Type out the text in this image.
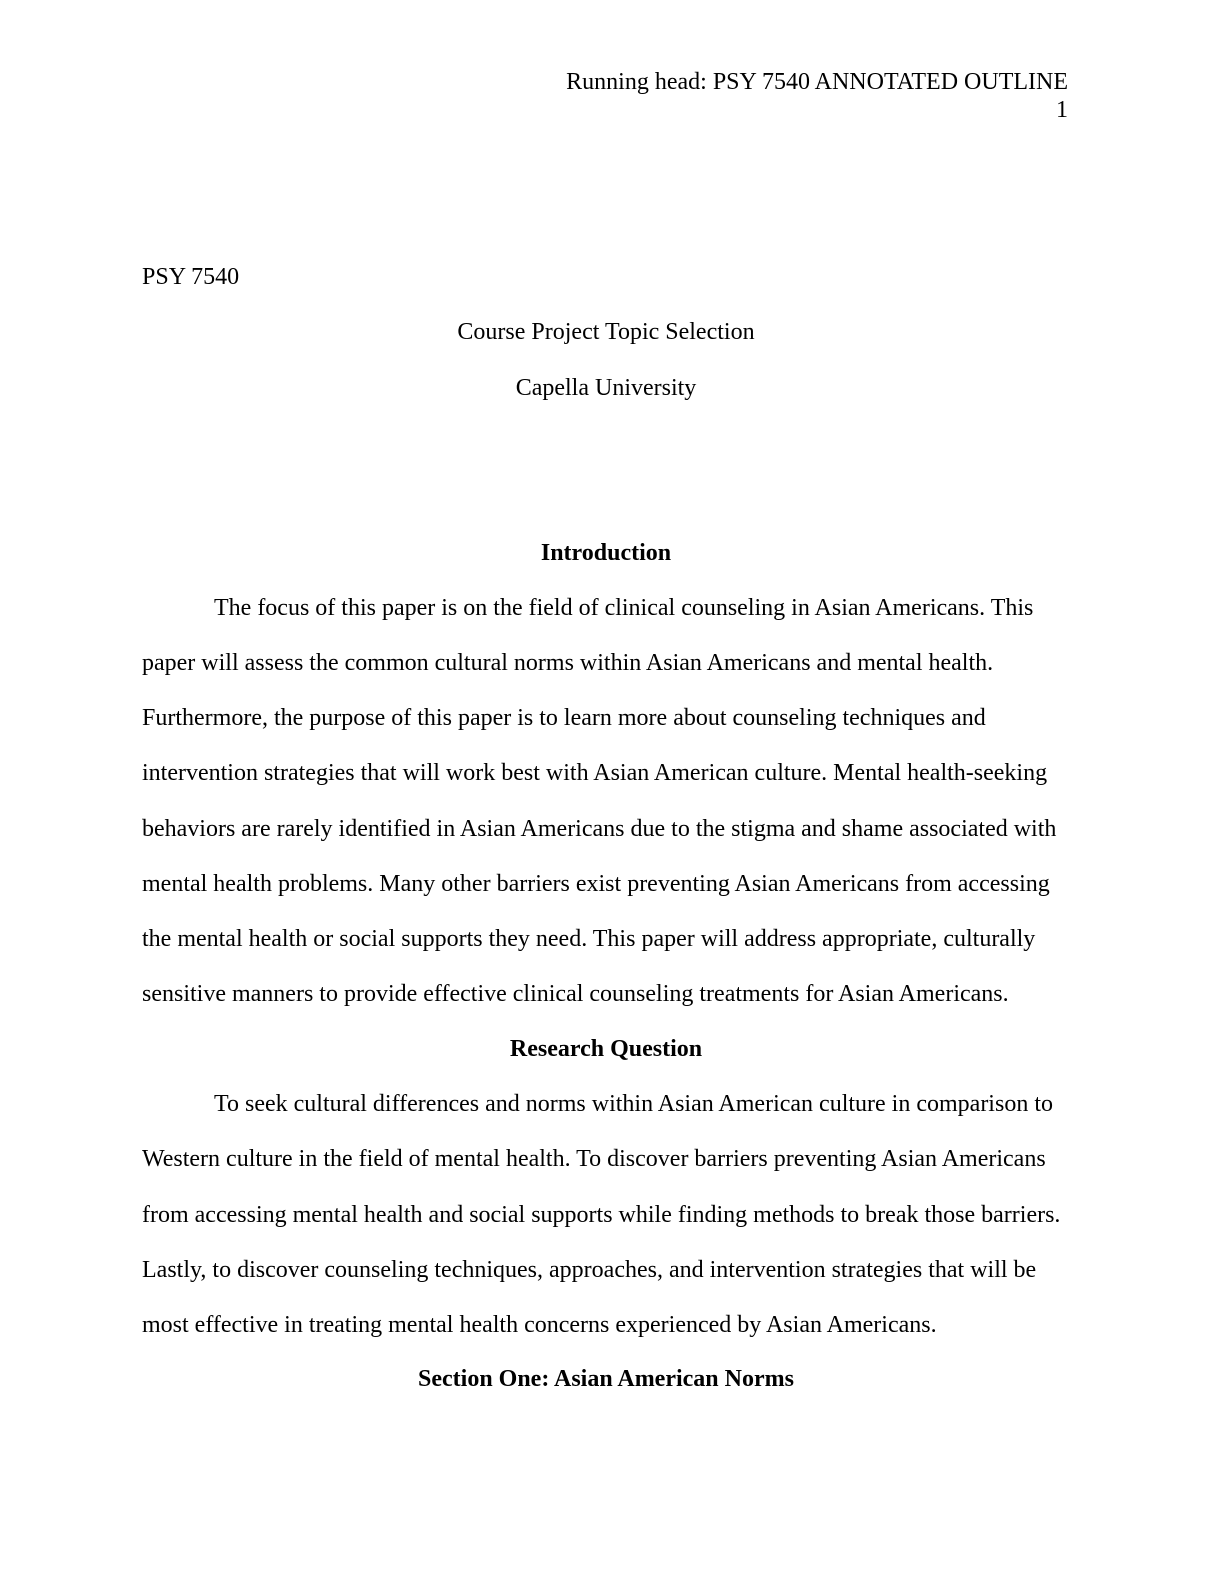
Running head: PSY 7540 ANNOTATED OUTLINE
1
PSY 7540
Course Project Topic Selection
Capella University
Introduction
The focus of this paper is on the field of clinical counseling in Asian Americans. This
paper will assess the common cultural norms within Asian Americans and mental health.
Furthermore, the purpose of this paper is to learn more about counseling techniques and
intervention strategies that will work best with Asian American culture. Mental health-seeking
behaviors are rarely identified in Asian Americans due to the stigma and shame associated with
mental health problems. Many other barriers exist preventing Asian Americans from accessing
the mental health or social supports they need. This paper will address appropriate, culturally
sensitive manners to provide effective clinical counseling treatments for Asian Americans.
Research Question
To seek cultural differences and norms within Asian American culture in comparison to
Western culture in the field of mental health. To discover barriers preventing Asian Americans
from accessing mental health and social supports while finding methods to break those barriers.
Lastly, to discover counseling techniques, approaches, and intervention strategies that will be
most effective in treating mental health concerns experienced by Asian Americans.
Section One: Asian American Norms
